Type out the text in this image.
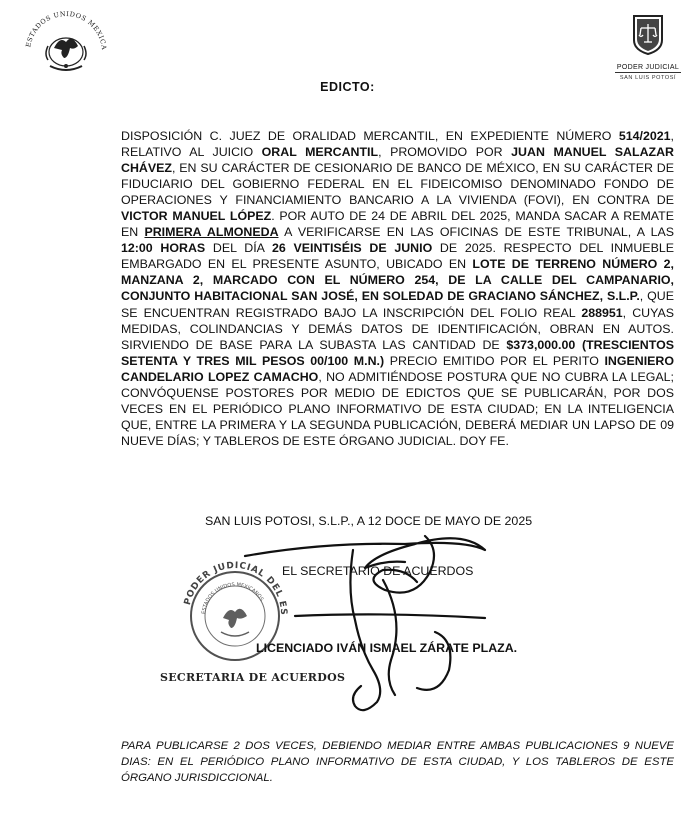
ESTADOS UNIDOS MEXICA
PODER JUDICIAL
SAN LUIS POTOSÍ
EDICTO:
DISPOSICIÓN C. JUEZ DE ORALIDAD MERCANTIL, EN EXPEDIENTE NÚMERO 514/2021, RELATIVO AL JUICIO ORAL MERCANTIL, PROMOVIDO POR JUAN MANUEL SALAZAR CHÁVEZ, EN SU CARÁCTER DE CESIONARIO DE BANCO DE MÉXICO, EN SU CARÁCTER DE FIDUCIARIO DEL GOBIERNO FEDERAL EN EL FIDEICOMISO DENOMINADO FONDO DE OPERACIONES Y FINANCIAMIENTO BANCARIO A LA VIVIENDA (FOVI), EN CONTRA DE VICTOR MANUEL LÓPEZ. POR AUTO DE 24 DE ABRIL DEL 2025, MANDA SACAR A REMATE EN PRIMERA ALMONEDA A VERIFICARSE EN LAS OFICINAS DE ESTE TRIBUNAL, A LAS 12:00 HORAS DEL DÍA 26 VEINTISÉIS DE JUNIO DE 2025. RESPECTO DEL INMUEBLE EMBARGADO EN EL PRESENTE ASUNTO, UBICADO EN LOTE DE TERRENO NÚMERO 2, MANZANA 2, MARCADO CON EL NÚMERO 254, DE LA CALLE DEL CAMPANARIO, CONJUNTO HABITACIONAL SAN JOSÉ, EN SOLEDAD DE GRACIANO SÁNCHEZ, S.L.P., QUE SE ENCUENTRAN REGISTRADO BAJO LA INSCRIPCIÓN DEL FOLIO REAL 288951, CUYAS MEDIDAS, COLINDANCIAS Y DEMÁS DATOS DE IDENTIFICACIÓN, OBRAN EN AUTOS. SIRVIENDO DE BASE PARA LA SUBASTA LAS CANTIDAD DE $373,000.00 (TRESCIENTOS SETENTA Y TRES MIL PESOS 00/100 M.N.) PRECIO EMITIDO POR EL PERITO INGENIERO CANDELARIO LOPEZ CAMACHO, NO ADMITIÉNDOSE POSTURA QUE NO CUBRA LA LEGAL; CONVÓQUENSE POSTORES POR MEDIO DE EDICTOS QUE SE PUBLICARÁN, POR DOS VECES EN EL PERIÓDICO PLANO INFORMATIVO DE ESTA CIUDAD; EN LA INTELIGENCIA QUE, ENTRE LA PRIMERA Y LA SEGUNDA PUBLICACIÓN, DEBERÁ MEDIAR UN LAPSO DE 09 NUEVE DÍAS; Y TABLEROS DE ESTE ÓRGANO JUDICIAL. DOY FE.
SAN LUIS POTOSI, S.L.P., A 12 DOCE DE MAYO DE 2025
PODER JUDICIAL DEL ES
ESTADOS UNIDOS MEXICANOS
EL SECRETARIO DE ACUERDOS
LICENCIADO IVÁN ISMAEL ZÁRATE PLAZA.
SECRETARIA DE ACUERDOS
PARA PUBLICARSE 2 DOS VECES, DEBIENDO MEDIAR ENTRE AMBAS PUBLICACIONES 9 NUEVE DIAS: EN EL PERIÓDICO PLANO INFORMATIVO DE ESTA CIUDAD, Y LOS TABLEROS DE ESTE ÓRGANO JURISDICCIONAL.
